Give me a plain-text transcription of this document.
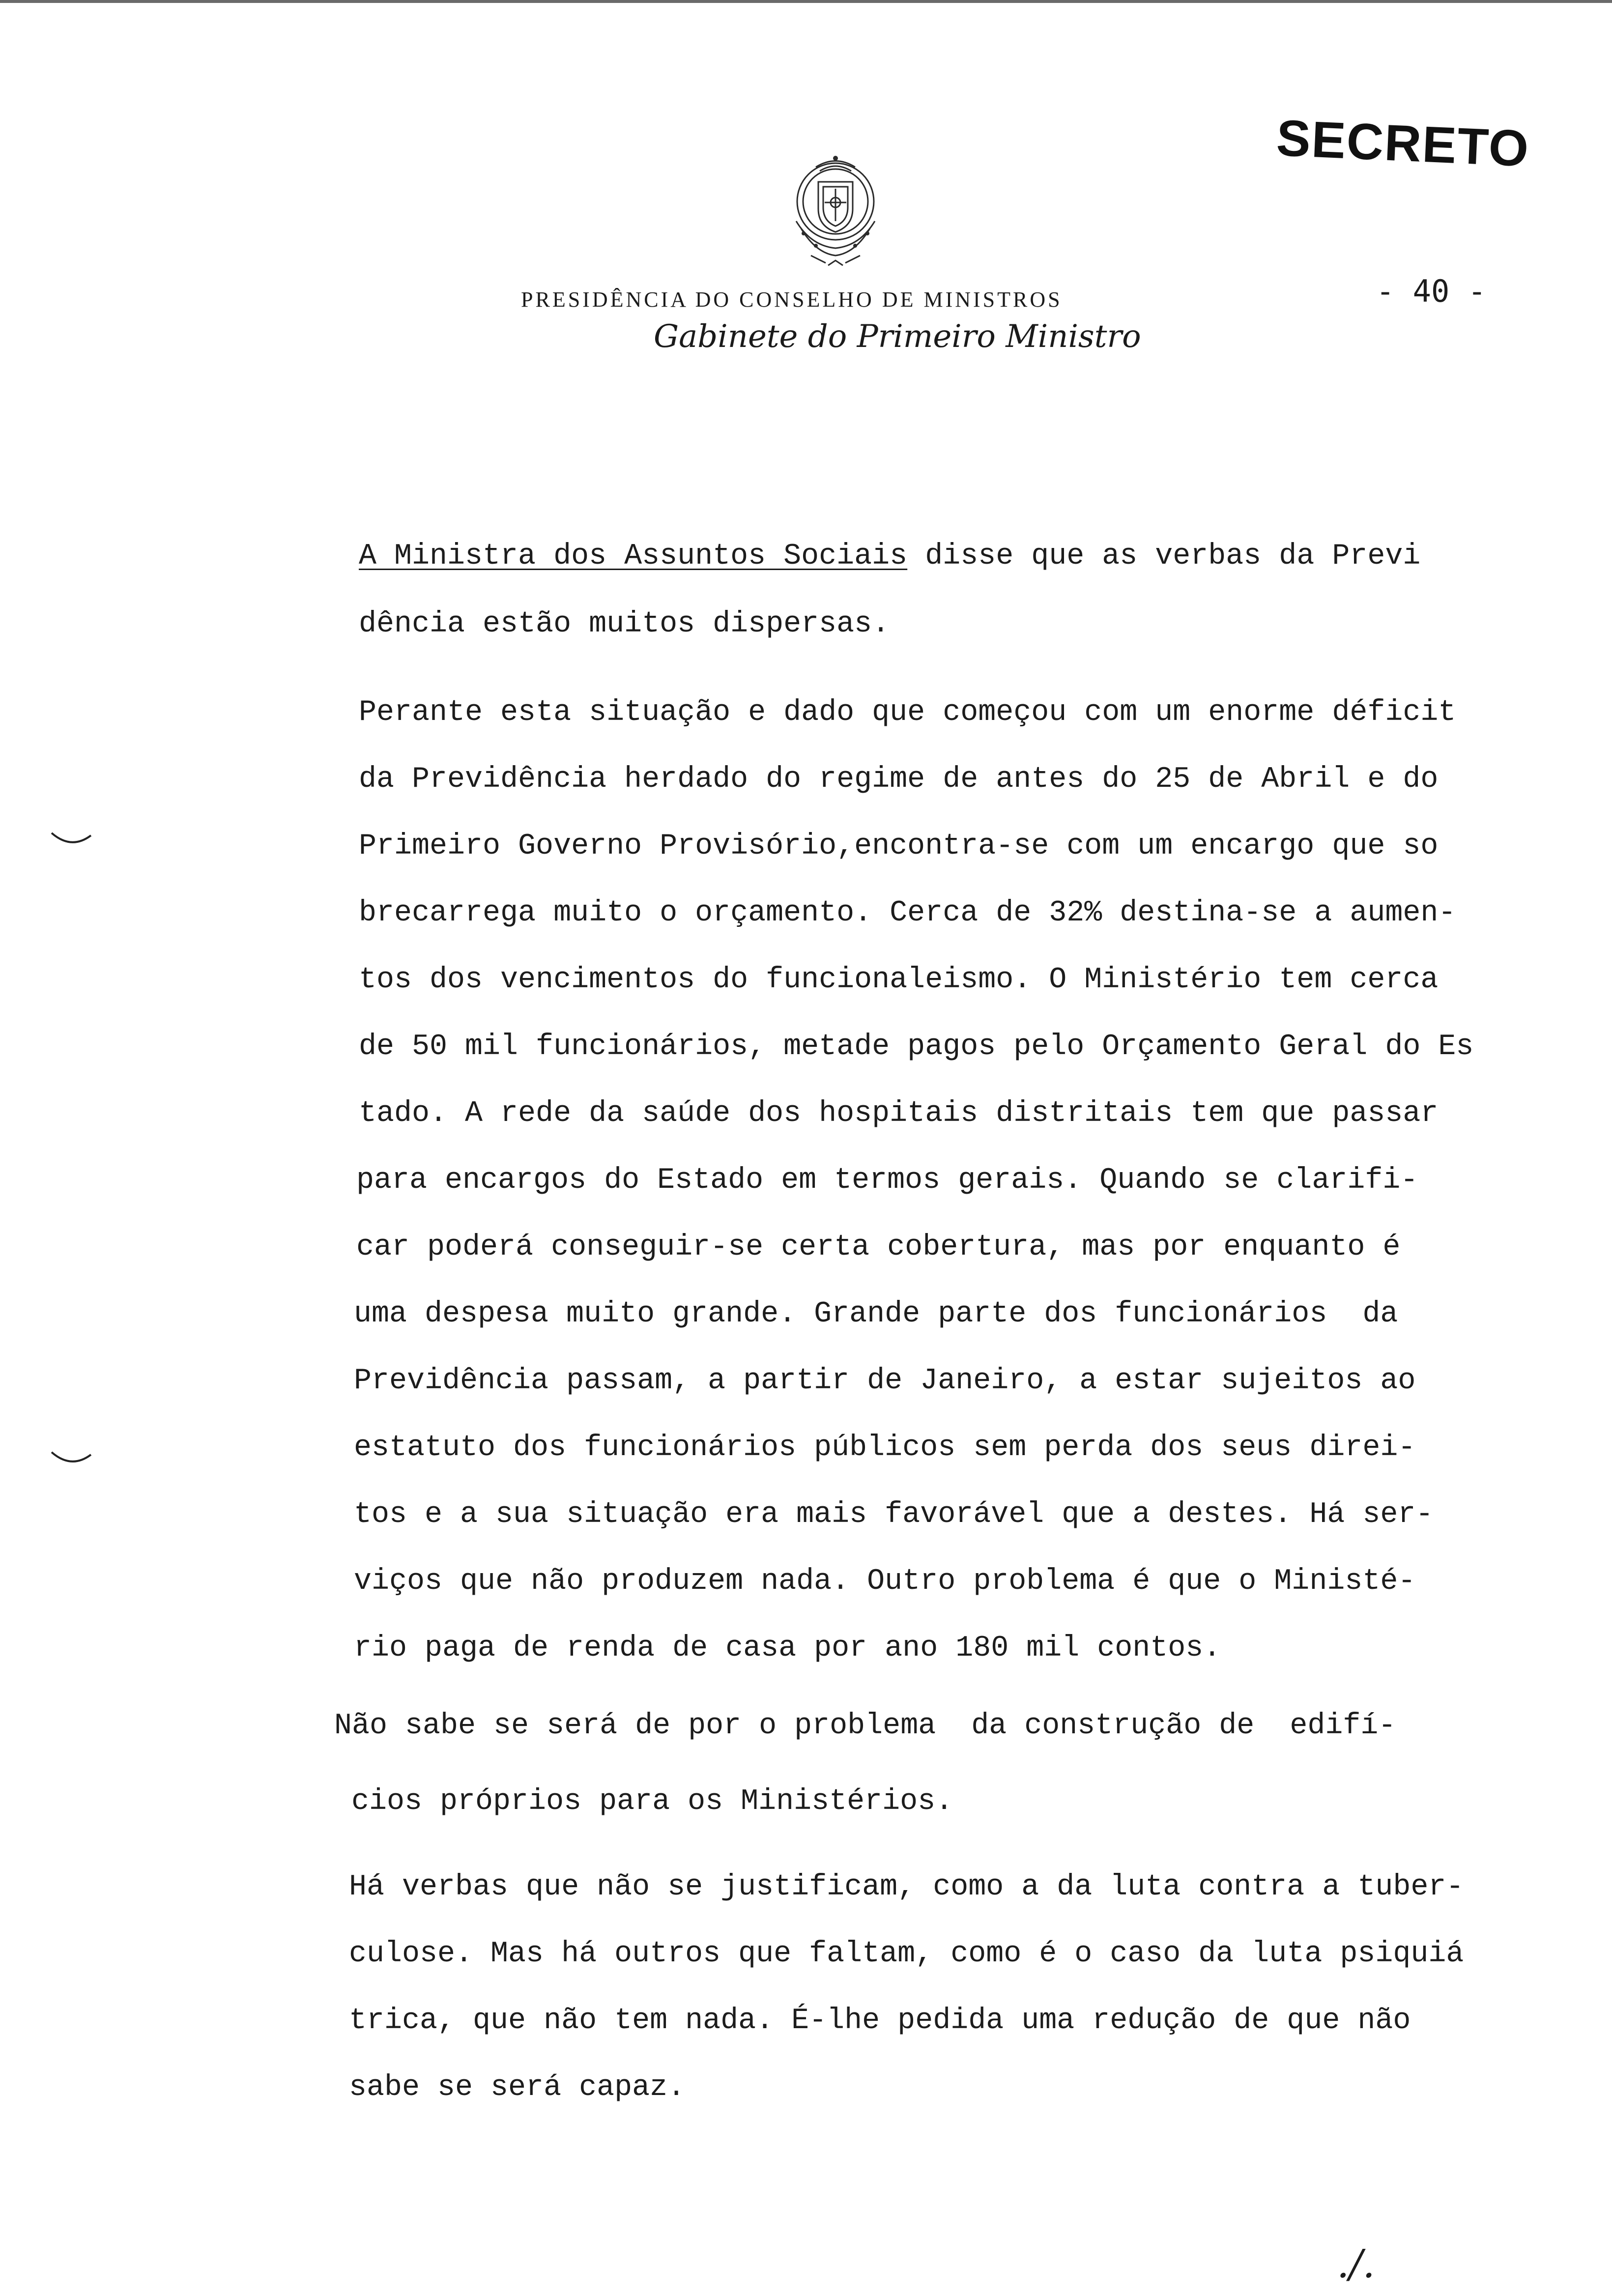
SECRETO
PRESIDÊNCIA DO CONSELHO DE MINISTROS
Gabinete do Primeiro Ministro
- 40 -
A Ministra dos Assuntos Sociais disse que as verbas da Previ
dência estão muitos dispersas.
Perante esta situação e dado que começou com um enorme déficit
da Previdência herdado do regime de antes do 25 de Abril e do
Primeiro Governo Provisório,encontra-se com um encargo que so
brecarrega muito o orçamento. Cerca de 32% destina-se a aumen-
tos dos vencimentos do funcionaleismo. O Ministério tem cerca
de 50 mil funcionários, metade pagos pelo Orçamento Geral do Es
tado. A rede da saúde dos hospitais distritais tem que passar
para encargos do Estado em termos gerais. Quando se clarifi-
car poderá conseguir-se certa cobertura, mas por enquanto é
uma despesa muito grande. Grande parte dos funcionários  da
Previdência passam, a partir de Janeiro, a estar sujeitos ao
estatuto dos funcionários públicos sem perda dos seus direi-
tos e a sua situação era mais favorável que a destes. Há ser-
viços que não produzem nada. Outro problema é que o Ministé-
rio paga de renda de casa por ano 180 mil contos.
Não sabe se será de por o problema  da construção de  edifí-
cios próprios para os Ministérios.
Há verbas que não se justificam, como a da luta contra a tuber-
culose. Mas há outros que faltam, como é o caso da luta psiquiá
trica, que não tem nada. É-lhe pedida uma redução de que não
sabe se será capaz.
./.
